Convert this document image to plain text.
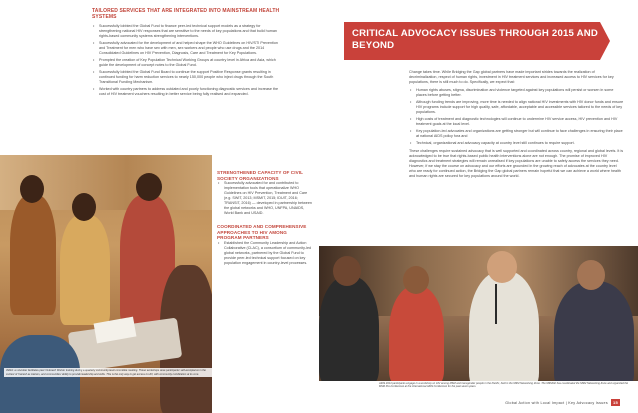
TAILORED SERVICES THAT ARE INTEGRATED INTO MAINSTREAM HEALTH SYSTEMS
• Successfully lobbied the Global Fund to finance peer-led technical support models as a strategy for strengthening national HIV responses that are sensitive to the needs of key populations and that build human rights-based community systems strengthening interventions.
• Successfully advocated for the development of and helped shape the WHO Guidelines on HIV/STI Prevention and Treatment for men who have sex with men, sex workers and people who use drugs and the 2014 Consolidated Guidelines on HIV Prevention, Diagnosis, Care and Treatment for Key Populations.
• Prompted the creation of Key Population Technical Working Groups at country level in Africa and Asia, which guide the development of concept notes to the Global Fund.
• Successfully lobbied the Global Fund Board to continue the support Positive Response grants resulting in continued funding for harm reduction services to nearly 150,000 people who inject drugs through the South Transitional Funding Mechanism.
• Worked with country partners to address outdated and poorly functioning diagnostic services and increase the cost of HIV treatment vouchers resulting in better service being fully realised and expanded.
INDIA: a volunteer facilitates peer Outreach Worker training during a quarterly community-level committee meeting. These workshops raise participants' self-acceptance in the context of 'trained' as trainers, and communities' ability to provide leadership and skills. This is the only way to get access to HIV, with community mobilization at its core.
STRENGTHENED CAPACITY OF CIVIL SOCIETY ORGANIZATIONS
• Successfully advocated for and contributed to implementation tools that operationalize WHO Guidelines on HIV Prevention, Treatment and Care (e.g. SWIT, 2013; MSMIT, 2015; IDUIT, 2016; TRANSIT, 2016) — developed in partnership between the global networks and WHO, UNFPA, UNAIDS, World Bank and USAID.
COORDINATED AND COMPREHENSIVE APPROACHES TO HIV AMONG PROGRAM PARTNERS
• Established the Community Leadership and Action Collaborative (CLAC), a consortium of community-led global networks, partnered by the Global Fund to provide peer-led technical support focused on key population engagement in country-level processes.
CRITICAL ADVOCACY ISSUES THROUGH 2015 AND BEYOND

Change takes time. While Bridging the Gap global partners have made important strides towards the realization of decriminalization, respect of human rights, investment in HIV treatment services and increased access to HIV services for key populations, there is still much to do. Specifically, we expect that:

• Human rights abuses, stigma, discrimination and violence targeted against key populations will persist or worsen in some places before getting better.
• Although funding trends are improving, more time is needed to align national HIV investments with HIV donor funds and ensure HIV programs include support for high quality, safe, affordable, acceptable and accessible services tailored to the needs of key populations.
• High costs of treatment and diagnostic technologies will continue to undermine HIV service access, HIV prevention and HIV treatment goals at the local level.
• Key population-led advocates and organizations are getting stronger but will continue to face challenges in ensuring their place at national AIDS policy fora and
• Technical, organizational and advocacy capacity at country level still continues to require support.

These challenges require sustained advocacy that is well supported and coordinated across country, regional and global levels. It is acknowledged to be true that rights-based public health interventions alone are not enough. The promise of improved HIV diagnostics and treatment strategies will remain unrealised if key populations are unable to safely access the services they need. However, if we stay the course on advocacy and our efforts are grounded in the growing reach of advocates at the country level who are ready for continued action, the Bridging the Gap global partners remain hopeful that we can achieve a world where health and human rights are secured for key populations around the world.

AIDS 2014 participants engage in a workshop on HIV among MSM and transgender people in the Pacific, held in the MSM Networking Zone. The MSMGF has coordinated the MSM Networking Zone and organized the MSM Pre-Conference at the International AIDS Conference for the past seven years.
Global Action with Local Impact | Key Advocacy Issues	15
